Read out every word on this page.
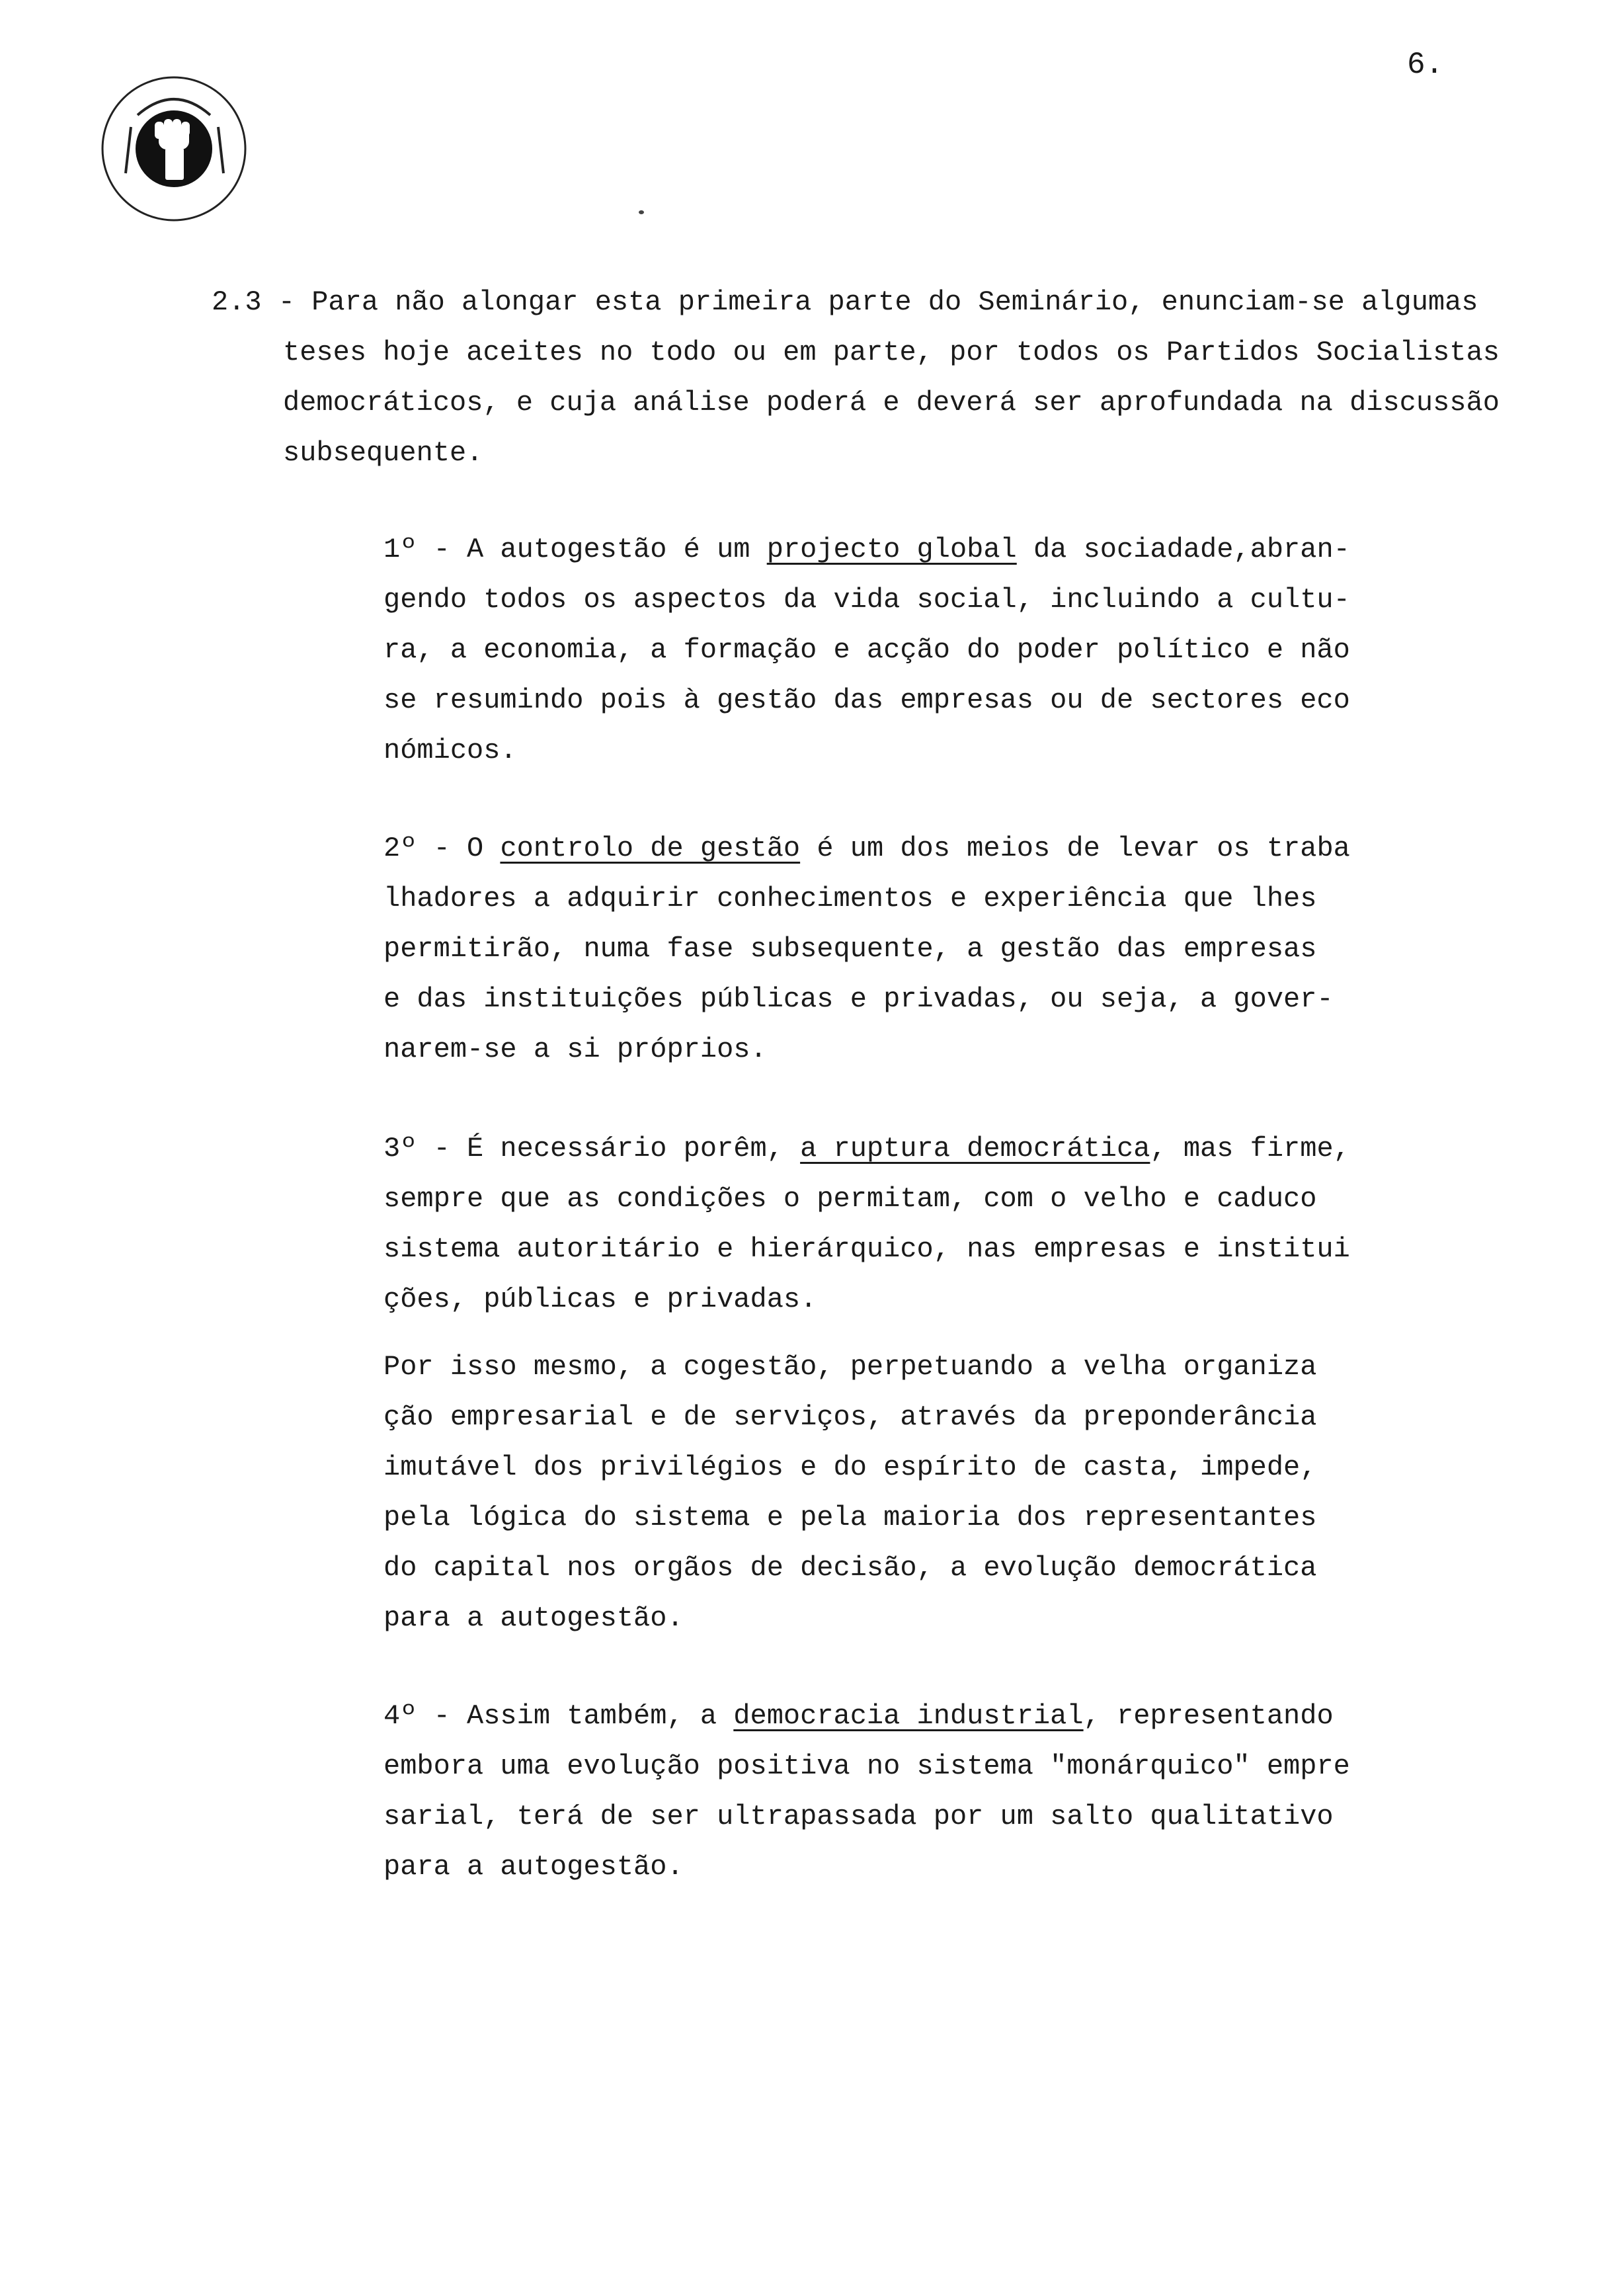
6.
2.3 - Para não alongar esta primeira parte do Seminário, enunciam-se algumas
teses hoje aceites no todo ou em parte, por todos os Partidos Socialistas
democráticos, e cuja análise poderá e deverá ser aprofundada na discussão
subsequente.
1º - A autogestão é um projecto global da sociadade,abran-
gendo todos os aspectos da vida social, incluindo a cultu-
ra, a economia, a formação e acção do poder político e não
se resumindo pois à gestão das empresas ou de sectores eco
nómicos.
2º - O controlo de gestão é um dos meios de levar os traba
lhadores a adquirir conhecimentos e experiência que lhes
permitirão, numa fase subsequente, a gestão das empresas
e das instituições públicas e privadas, ou seja, a gover-
narem-se a si próprios.
3º - É necessário porêm, a ruptura democrática, mas firme,
sempre que as condições o permitam, com o velho e caduco
sistema autoritário e hierárquico, nas empresas e institui
ções, públicas e privadas.
Por isso mesmo, a cogestão, perpetuando a velha organiza
ção empresarial e de serviços, através da preponderância
imutável dos privilégios e do espírito de casta, impede,
pela lógica do sistema e pela maioria dos representantes
do capital nos orgãos de decisão, a evolução democrática
para a autogestão.
4º - Assim também, a democracia industrial, representando
embora uma evolução positiva no sistema "monárquico" empre
sarial, terá de ser ultrapassada por um salto qualitativo
para a autogestão.
